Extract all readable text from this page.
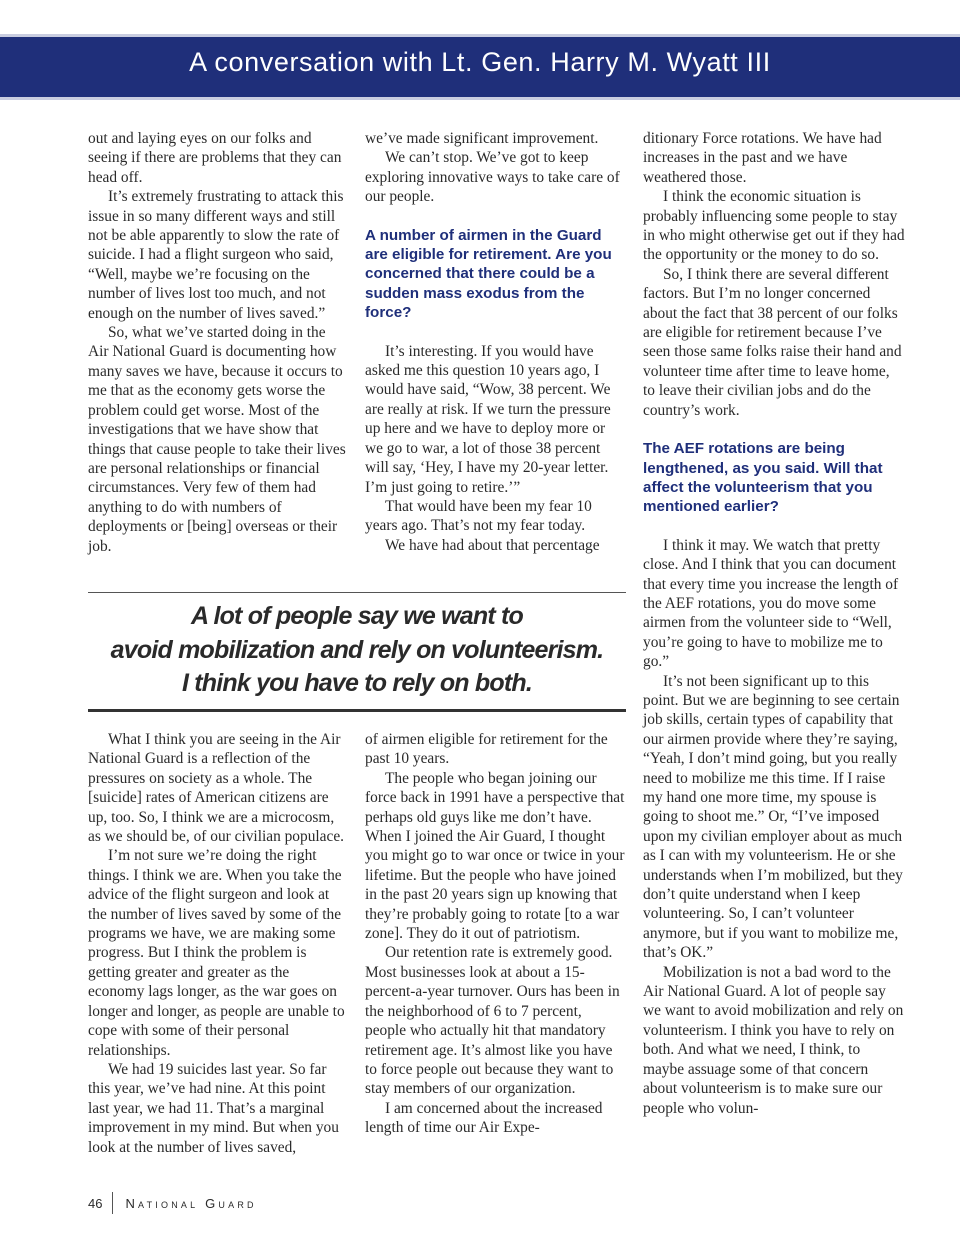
A conversation with Lt. Gen. Harry M. Wyatt III

out and laying eyes on our folks and seeing if there are problems that they can head off.

It’s extremely frustrating to attack this issue in so many different ways and still not be able apparently to slow the rate of suicide. I had a flight surgeon who said, “Well, maybe we’re focusing on the number of lives lost too much, and not enough on the number of lives saved.”

So, what we’ve started doing in the Air National Guard is documenting how many saves we have, because it occurs to me that as the economy gets worse the problem could get worse. Most of the investigations that we have show that things that cause people to take their lives are personal relationships or financial circumstances. Very few of them had anything to do with numbers of deployments or [being] overseas or their job.

we’ve made significant improvement.

We can’t stop. We’ve got to keep exploring innovative ways to take care of our people.

A number of airmen in the Guard are eligible for retirement. Are you concerned that there could be a sudden mass exodus from the force?

It’s interesting. If you would have asked me this question 10 years ago, I would have said, “Wow, 38 percent. We are really at risk. If we turn the pressure up here and we have to deploy more or we go to war, a lot of those 38 percent will say, ‘Hey, I have my 20-year letter. I’m just going to retire.’”

That would have been my fear 10 years ago. That’s not my fear today.

We have had about that percentage

ditionary Force rotations. We have had increases in the past and we have weathered those.

I think the economic situation is probably influencing some people to stay in who might otherwise get out if they had the opportunity or the money to do so.

So, I think there are several different factors. But I’m no longer concerned about the fact that 38 percent of our folks are eligible for retirement because I’ve seen those same folks raise their hand and volunteer time after time to leave home, to leave their civilian jobs and do the country’s work.

The AEF rotations are being lengthened, as you said. Will that affect the volunteerism that you mentioned earlier?

I think it may. We watch that pretty close. And I think that you can document that every time you increase the length of the AEF rotations, you do move some airmen from the volunteer side to “Well, you’re going to have to mobilize me to go.”

It’s not been significant up to this point. But we are beginning to see certain job skills, certain types of capability that our airmen provide where they’re saying, “Yeah, I don’t mind going, but you really need to mobilize me this time. If I raise my hand one more time, my spouse is going to shoot me.” Or, “I’ve imposed upon my civilian employer about as much as I can with my volunteerism. He or she understands when I’m mobilized, but they don’t quite understand when I keep volunteering. So, I can’t volunteer anymore, but if you want to mobilize me, that’s OK.”

Mobilization is not a bad word to the Air National Guard. A lot of people say we want to avoid mobilization and rely on volunteerism. I think you have to rely on both. And what we need, I think, to maybe assuage some of that concern about volunteerism is to make sure our people who volun-

A lot of people say we want to
avoid mobilization and rely on volunteerism.
I think you have to rely on both.

What I think you are seeing in the Air National Guard is a reflection of the pressures on society as a whole. The [suicide] rates of American citizens are up, too. So, I think we are a microcosm, as we should be, of our civilian populace.

I’m not sure we’re doing the right things. I think we are. When you take the advice of the flight surgeon and look at the number of lives saved by some of the programs we have, we are making some progress. But I think the problem is getting greater and greater as the economy lags longer, as the war goes on longer and longer, as people are unable to cope with some of their personal relationships.

We had 19 suicides last year. So far this year, we’ve had nine. At this point last year, we had 11. That’s a marginal improvement in my mind. But when you look at the number of lives saved,

of airmen eligible for retirement for the past 10 years.

The people who began joining our force back in 1991 have a perspective that perhaps old guys like me don’t have. When I joined the Air Guard, I thought you might go to war once or twice in your lifetime. But the people who have joined in the past 20 years sign up knowing that they’re probably going to rotate [to a war zone]. They do it out of patriotism.

Our retention rate is extremely good. Most businesses look at about a 15-percent-a-year turnover. Ours has been in the neighborhood of 6 to 7 percent, people who actually hit that mandatory retirement age. It’s almost like you have to force people out because they want to stay members of our organization.

I am concerned about the increased length of time our Air Expe-

46 National Guard
